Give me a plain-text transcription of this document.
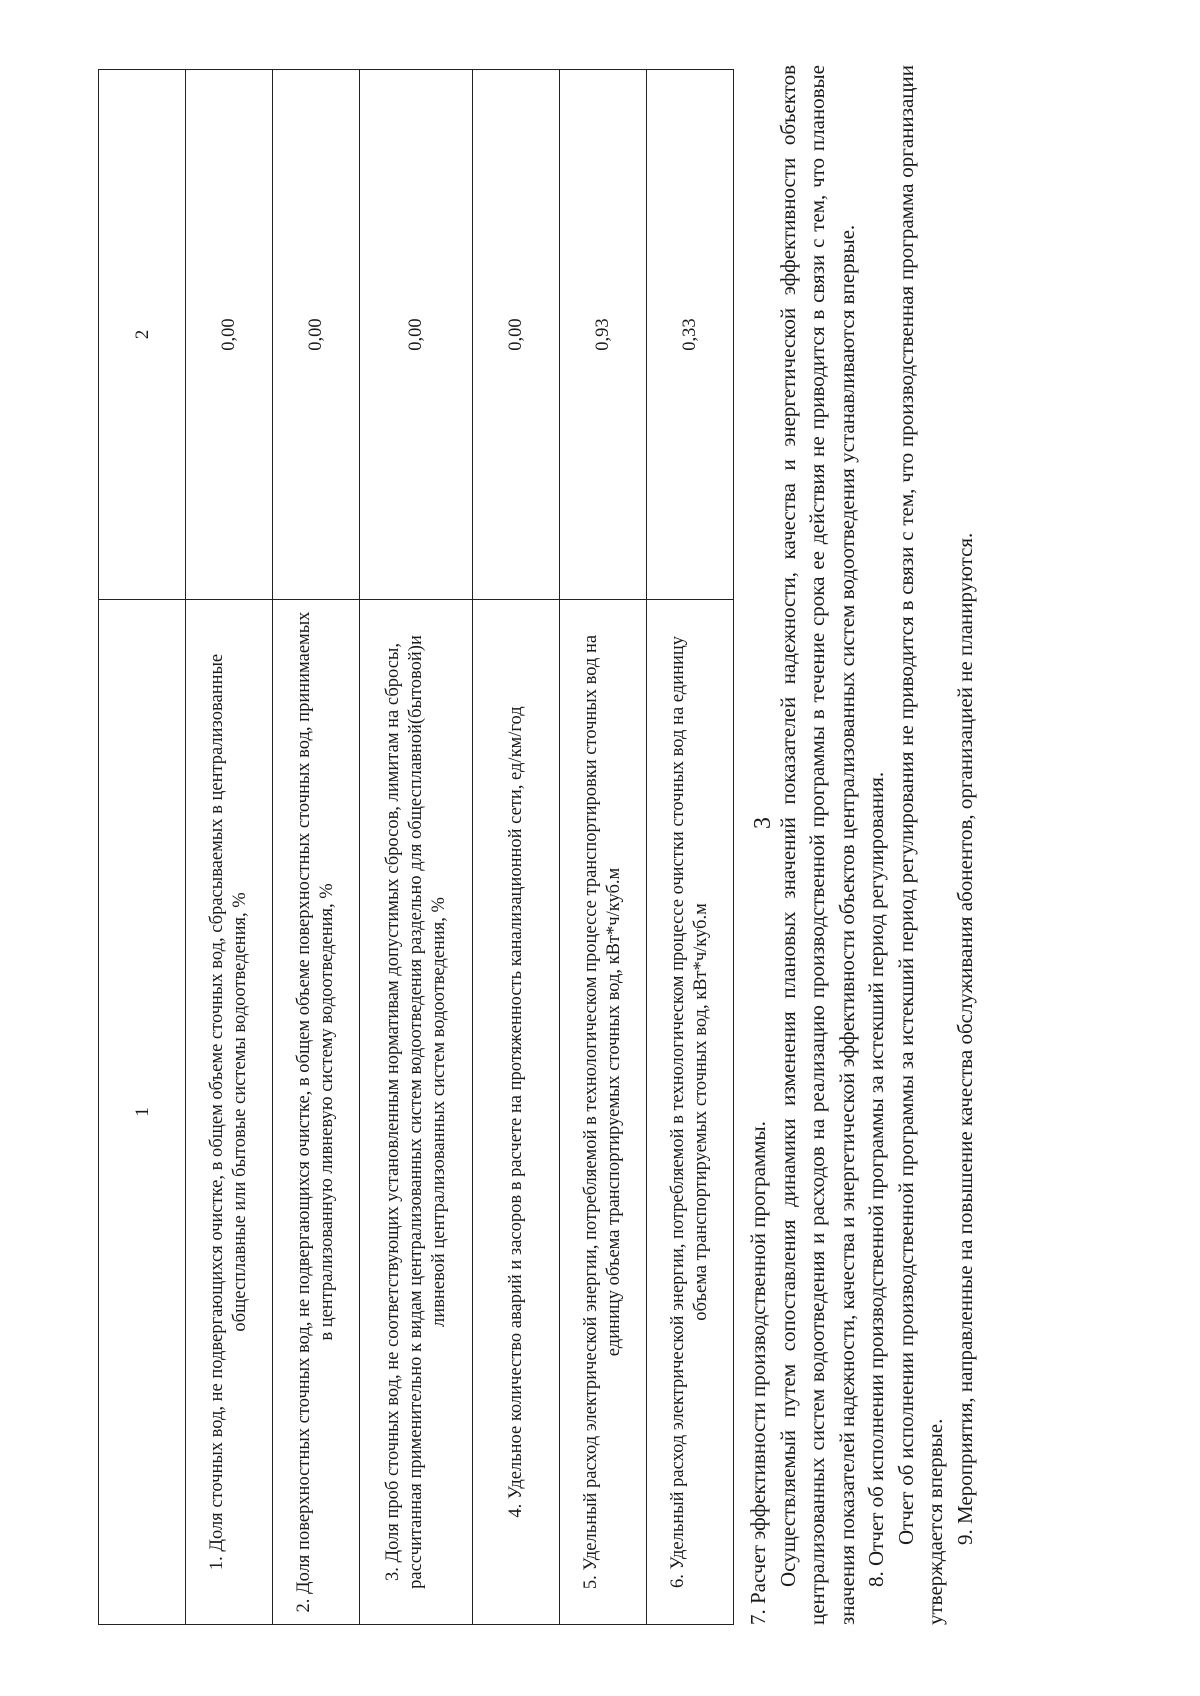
3
1	2
1. Доля сточных вод, не подвергающихся очистке, в общем объеме сточных вод, сбрасываемых в централизованные общесплавные или бытовые системы водоотведения, %	0,00
2. Доля поверхностных сточных вод, не подвергающихся очистке, в общем объеме поверхностных сточных вод, принимаемых в централизованную ливневую систему водоотведения, %	0,00
3. Доля проб сточных вод, не соответствующих установленным нормативам допустимых сбросов, лимитам на сбросы, рассчитанная применительно к видам централизованных систем водоотведения раздельно для общесплавной(бытовой)и ливневой централизованных систем водоотведения, %	0,00
4. Удельное количество аварий и засоров в расчете на протяженность канализационной сети, ед/км/год	0,00
5. Удельный расход электрической энергии, потребляемой в технологическом процессе транспортировки сточных вод на единицу объема транспортируемых сточных вод, кВт*ч/куб.м	0,93
6. Удельный расход электрической энергии, потребляемой в технологическом процессе очистки сточных вод на единицу объема транспортируемых сточных вод, кВт*ч/куб.м	0,33

7. Расчет эффективности производственной программы. Осуществляемый путем сопоставления динамики изменения плановых значений показателей надежности, качества и энергетической эффективности объектов централизованных систем водоотведения и расходов на реализацию производственной программы в течение срока ее действия не приводится в связи с тем, что плановые значения показателей надежности, качества и энергетической эффективности объектов централизованных систем водоотведения устанавливаются впервые. 8. Отчет об исполнении производственной программы за истекший период регулирования. Отчет об исполнении производственной программы за истекший период регулирования не приводится в связи с тем, что производственная программа организации утверждается впервые. 9. Мероприятия, направленные на повышение качества обслуживания абонентов, организацией не планируются.
